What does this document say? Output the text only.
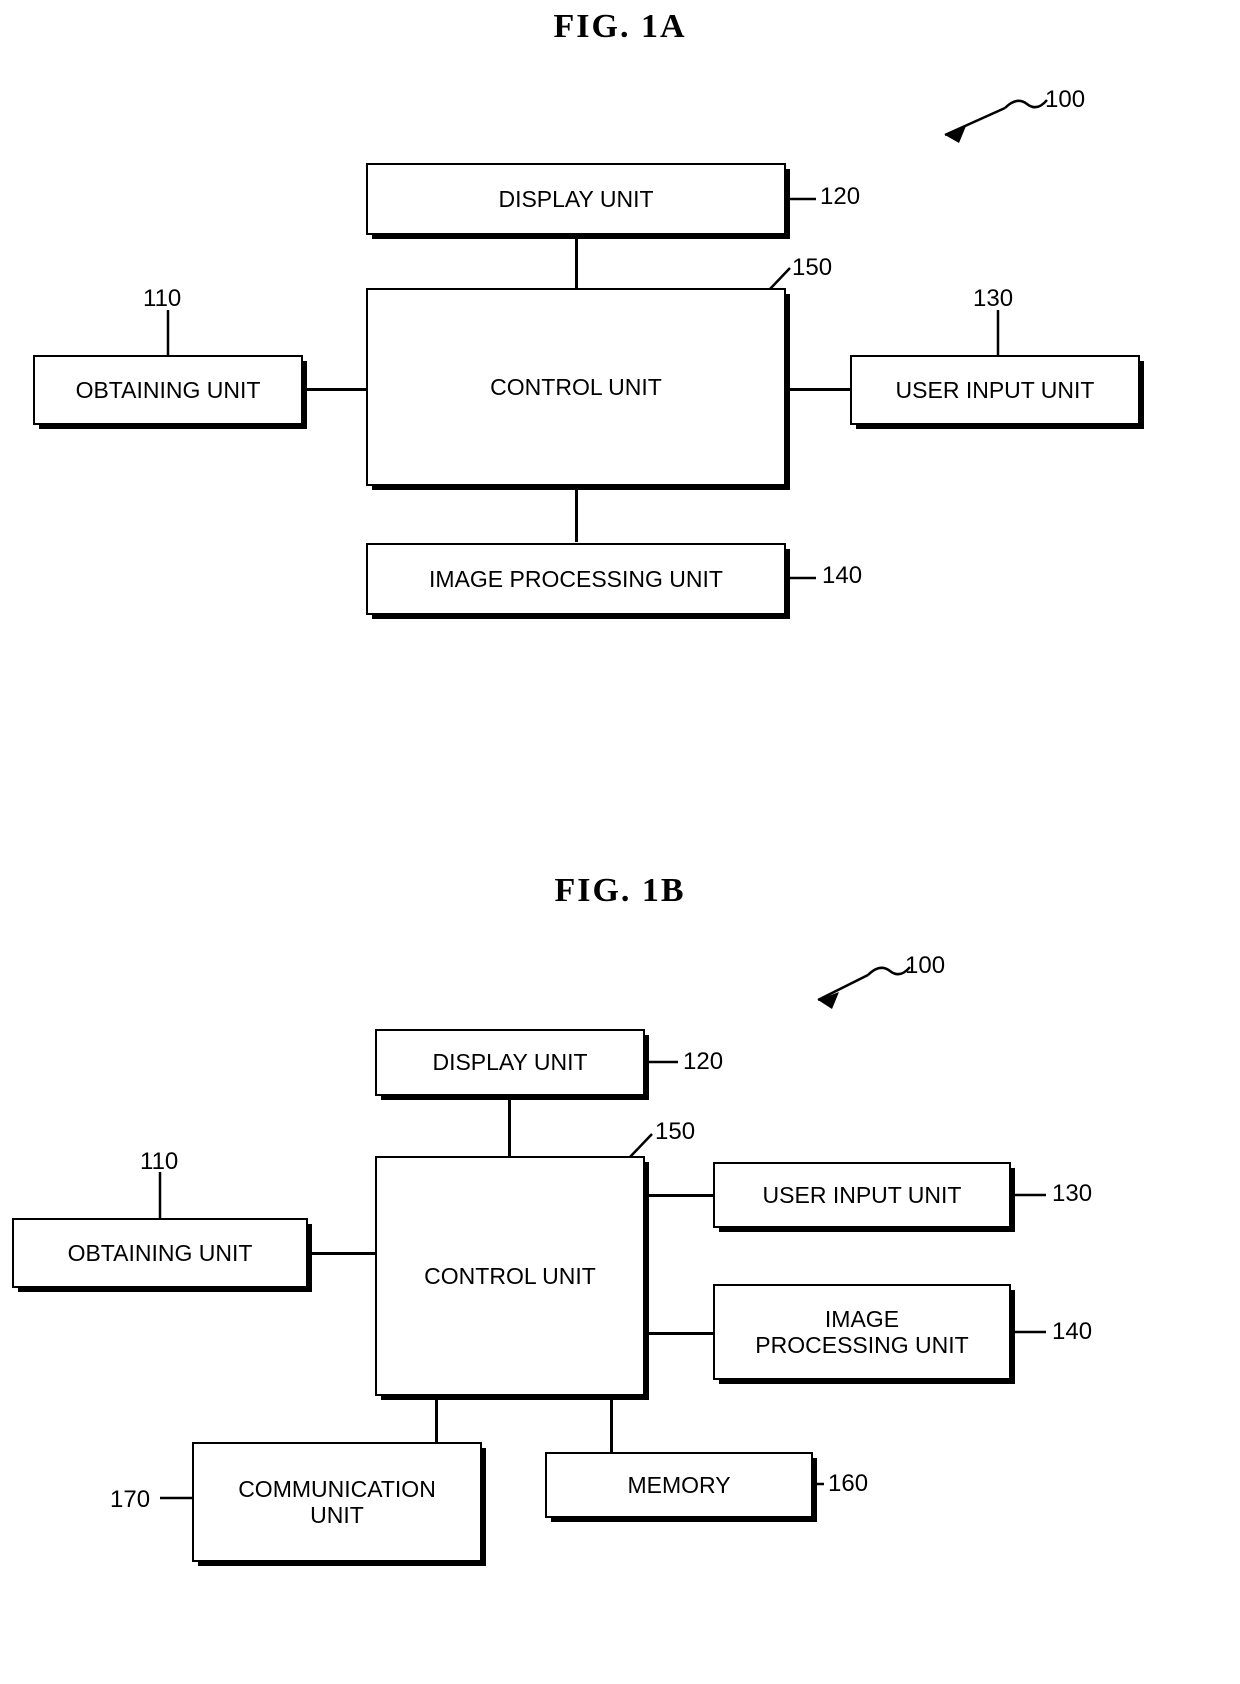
FIG. 1A
DISPLAY UNIT
CONTROL UNIT
OBTAINING UNIT	USER INPUT UNIT
IMAGE PROCESSING UNIT
100
120
150
110	130
140
FIG. 1B
DISPLAY UNIT
CONTROL UNIT
OBTAINING UNIT
USER INPUT UNIT
IMAGE
PROCESSING UNIT
COMMUNICATION
UNIT
MEMORY
100
120
150
110
130
140
170
160
